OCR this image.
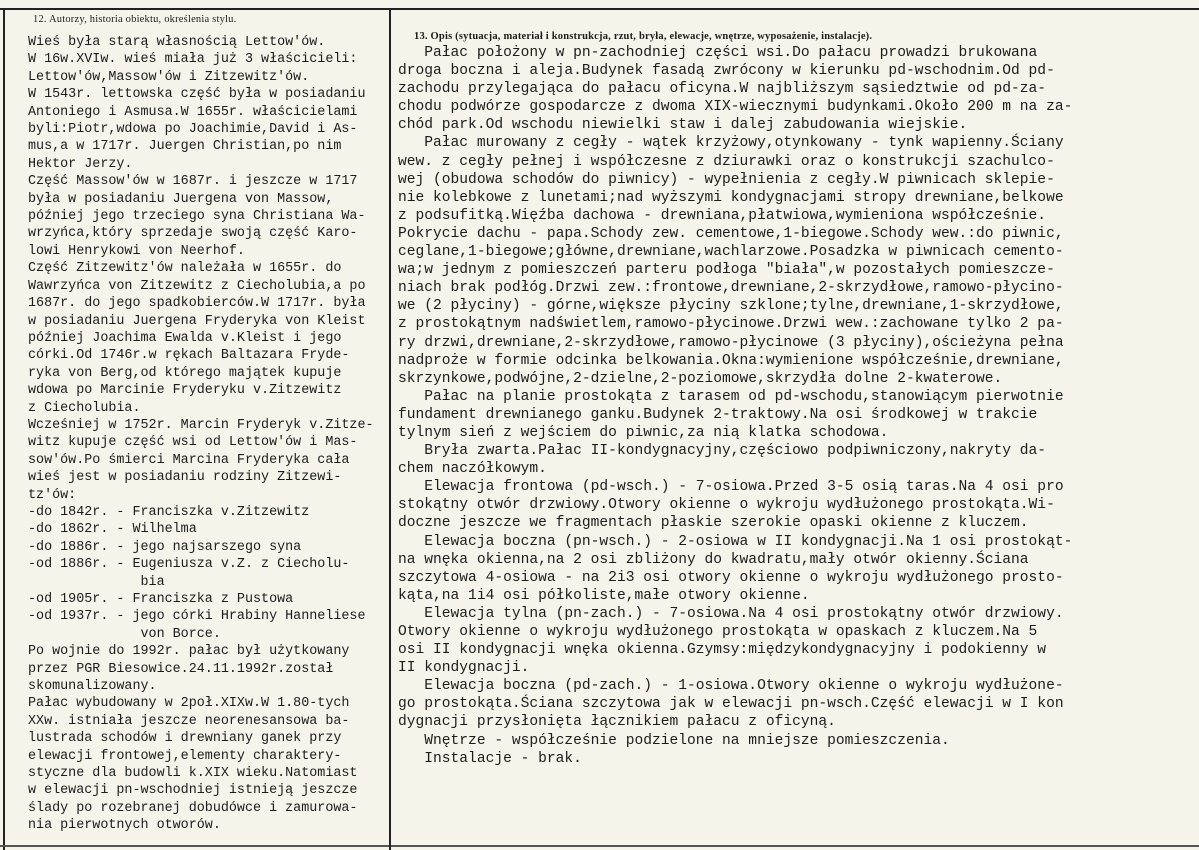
12. Autorzy, historia obiektu, określenia stylu.
Wieś była starą własnością Lettow'ów.
W 16w.XVIw. wieś miała już 3 właścicieli:
Lettow'ów,Massow'ów i Zitzewitz'ów.
W 1543r. lettowska część była w posiadaniu
Antoniego i Asmusa.W 1655r. właścicielami
byli:Piotr,wdowa po Joachimie,David i As-
mus,a w 1717r. Juergen Christian,po nim
Hektor Jerzy.
Część Massow'ów w 1687r. i jeszcze w 1717
była w posiadaniu Juergena von Massow,
później jego trzeciego syna Christiana Wa-
wrzyńca,który sprzedaje swoją część Karo-
lowi Henrykowi von Neerhof.
Część Zitzewitz'ów należała w 1655r. do
Wawrzyńca von Zitzewitz z Ciecholubia,a po
1687r. do jego spadkobierców.W 1717r. była
w posiadaniu Juergena Fryderyka von Kleist
później Joachima Ewalda v.Kleist i jego
córki.Od 1746r.w rękach Baltazara Fryde-
ryka von Berg,od którego majątek kupuje
wdowa po Marcinie Fryderyku v.Zitzewitz
z Ciecholubia.
Wcześniej w 1752r. Marcin Fryderyk v.Zitze-
witz kupuje część wsi od Lettow'ów i Mas-
sow'ów.Po śmierci Marcina Fryderyka cała
wieś jest w posiadaniu rodziny Zitzewi-
tz'ów:
-do 1842r. - Franciszka v.Zitzewitz
-do 1862r. - Wilhelma
-do 1886r. - jego najsarszego syna
-od 1886r. - Eugeniusza v.Z. z Ciecholu-
bia
-od 1905r. - Franciszka z Pustowa
-od 1937r. - jego córki Hrabiny Hanneliese
von Borce.
Po wojnie do 1992r. pałac był użytkowany
przez PGR Biesowice.24.11.1992r.został
skomunalizowany.
Pałac wybudowany w 2poł.XIXw.W 1.80-tych
XXw. istniała jeszcze neorenesansowa ba-
lustrada schodów i drewniany ganek przy
elewacji frontowej,elementy charaktery-
styczne dla budowli k.XIX wieku.Natomiast
w elewacji pn-wschodniej istnieją jeszcze
ślady po rozebranej dobudówce i zamurowa-
nia pierwotnych otworów.
13. Opis (sytuacja, materiał i konstrukcja, rzut, bryła, elewacje, wnętrze, wyposażenie, instalacje).
Pałac położony w pn-zachodniej części wsi.Do pałacu prowadzi brukowana
droga boczna i aleja.Budynek fasadą zwrócony w kierunku pd-wschodnim.Od pd-
zachodu przylegająca do pałacu oficyna.W najbliższym sąsiedztwie od pd-za-
chodu podwórze gospodarcze z dwoma XIX-wiecznymi budynkami.Około 200 m na za-
chód park.Od wschodu niewielki staw i dalej zabudowania wiejskie.
Pałac murowany z cegły - wątek krzyżowy,otynkowany - tynk wapienny.Ściany
wew. z cegły pełnej i współczesne z dziurawki oraz o konstrukcji szachulco-
wej (obudowa schodów do piwnicy) - wypełnienia z cegły.W piwnicach sklepie-
nie kolebkowe z lunetami;nad wyższymi kondygnacjami stropy drewniane,belkowe
z podsufitką.Więźba dachowa - drewniana,płatwiowa,wymieniona współcześnie.
Pokrycie dachu - papa.Schody zew. cementowe,1-biegowe.Schody wew.:do piwnic,
ceglane,1-biegowe;główne,drewniane,wachlarzowe.Posadzka w piwnicach cemento-
wa;w jednym z pomieszczeń parteru podłoga "biała",w pozostałych pomieszcze-
niach brak podłóg.Drzwi zew.:frontowe,drewniane,2-skrzydłowe,ramowo-płycino-
we (2 płyciny) - górne,większe płyciny szklone;tylne,drewniane,1-skrzydłowe,
z prostokątnym nadświetlem,ramowo-płycinowe.Drzwi wew.:zachowane tylko 2 pa-
ry drzwi,drewniane,2-skrzydłowe,ramowo-płycinowe (3 płyciny),ościeżyna pełna
nadproże w formie odcinka belkowania.Okna:wymienione współcześnie,drewniane,
skrzynkowe,podwójne,2-dzielne,2-poziomowe,skrzydła dolne 2-kwaterowe.
Pałac na planie prostokąta z tarasem od pd-wschodu,stanowiącym pierwotnie
fundament drewnianego ganku.Budynek 2-traktowy.Na osi środkowej w trakcie
tylnym sień z wejściem do piwnic,za nią klatka schodowa.
Bryła zwarta.Pałac II-kondygnacyjny,częściowo podpiwniczony,nakryty da-
chem naczółkowym.
Elewacja frontowa (pd-wsch.) - 7-osiowa.Przed 3-5 osią taras.Na 4 osi pro
stokątny otwór drzwiowy.Otwory okienne o wykroju wydłużonego prostokąta.Wi-
doczne jeszcze we fragmentach płaskie szerokie opaski okienne z kluczem.
Elewacja boczna (pn-wsch.) - 2-osiowa w II kondygnacji.Na 1 osi prostokąt-
na wnęka okienna,na 2 osi zbliżony do kwadratu,mały otwór okienny.Ściana
szczytowa 4-osiowa - na 2i3 osi otwory okienne o wykroju wydłużonego prosto-
kąta,na 1i4 osi półkoliste,małe otwory okienne.
Elewacja tylna (pn-zach.) - 7-osiowa.Na 4 osi prostokątny otwór drzwiowy.
Otwory okienne o wykroju wydłużonego prostokąta w opaskach z kluczem.Na 5
osi II kondygnacji wnęka okienna.Gzymsy:międzykondygnacyjny i podokienny w
II kondygnacji.
Elewacja boczna (pd-zach.) - 1-osiowa.Otwory okienne o wykroju wydłużone-
go prostokąta.Ściana szczytowa jak w elewacji pn-wsch.Część elewacji w I kon
dygnacji przysłonięta łącznikiem pałacu z oficyną.
Wnętrze - współcześnie podzielone na mniejsze pomieszczenia.
Instalacje - brak.
